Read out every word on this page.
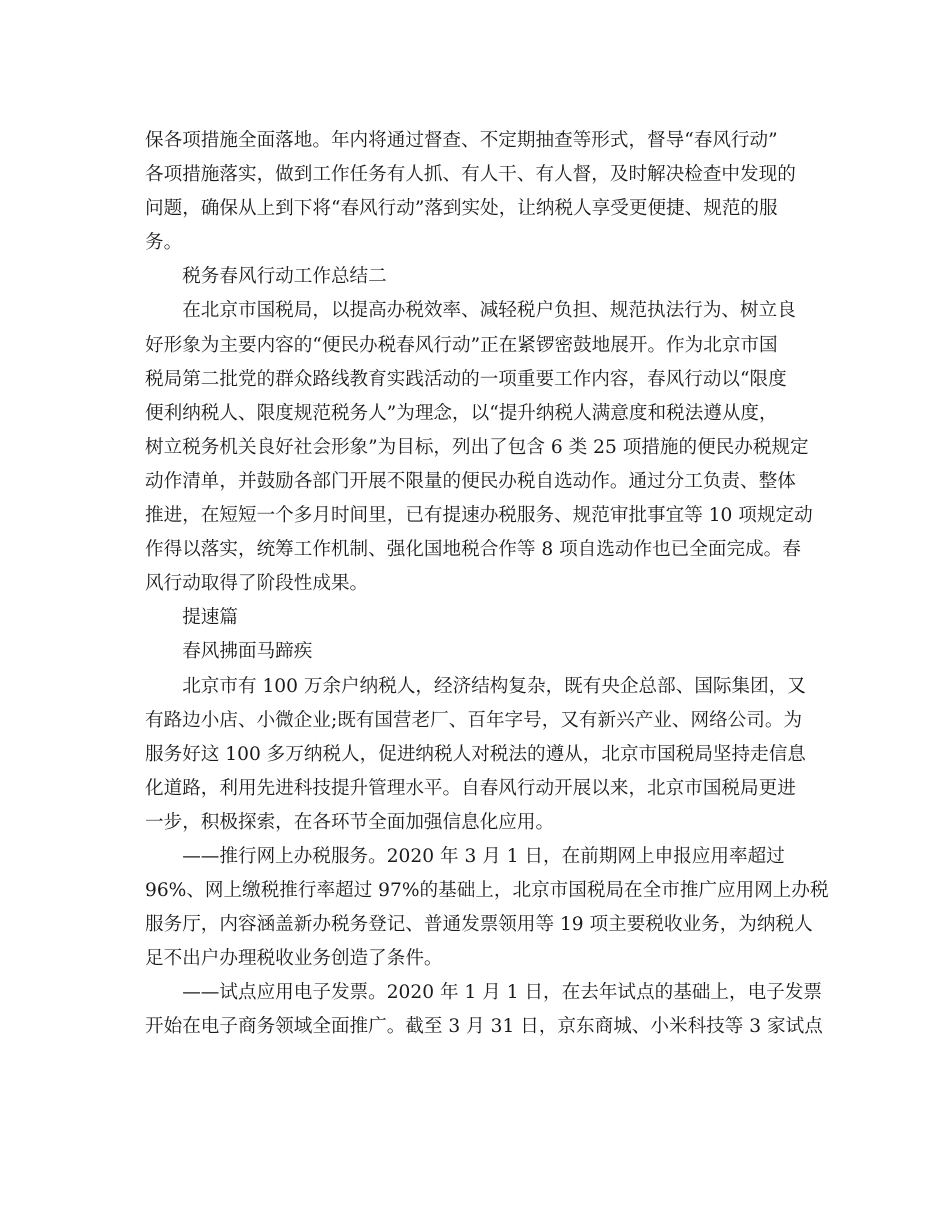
保各项措施全面落地。年内将通过督查、不定期抽查等形式，督导“春风行动”
各项措施落实，做到工作任务有人抓、有人干、有人督，及时解决检查中发现的
问题，确保从上到下将“春风行动”落到实处，让纳税人享受更便捷、规范的服
务。

税务春风行动工作总结二

在北京市国税局，以提高办税效率、减轻税户负担、规范执法行为、树立良
好形象为主要内容的“便民办税春风行动”正在紧锣密鼓地展开。作为北京市国
税局第二批党的群众路线教育实践活动的一项重要工作内容，春风行动以“限度
便利纳税人、限度规范税务人”为理念，以“提升纳税人满意度和税法遵从度，
树立税务机关良好社会形象”为目标，列出了包含 6 类 25 项措施的便民办税规定
动作清单，并鼓励各部门开展不限量的便民办税自选动作。通过分工负责、整体
推进，在短短一个多月时间里，已有提速办税服务、规范审批事宜等 10 项规定动
作得以落实，统筹工作机制、强化国地税合作等 8 项自选动作也已全面完成。春
风行动取得了阶段性成果。

提速篇

春风拂面马蹄疾

北京市有 100 万余户纳税人，经济结构复杂，既有央企总部、国际集团，又
有路边小店、小微企业;既有国营老厂、百年字号，又有新兴产业、网络公司。为
服务好这 100 多万纳税人，促进纳税人对税法的遵从，北京市国税局坚持走信息
化道路，利用先进科技提升管理水平。自春风行动开展以来，北京市国税局更进
一步，积极探索，在各环节全面加强信息化应用。

——推行网上办税服务。2020 年 3 月 1 日，在前期网上申报应用率超过
96%、网上缴税推行率超过 97%的基础上，北京市国税局在全市推广应用网上办税
服务厅，内容涵盖新办税务登记、普通发票领用等 19 项主要税收业务，为纳税人
足不出户办理税收业务创造了条件。

——试点应用电子发票。2020 年 1 月 1 日，在去年试点的基础上，电子发票
开始在电子商务领域全面推广。截至 3 月 31 日，京东商城、小米科技等 3 家试点
